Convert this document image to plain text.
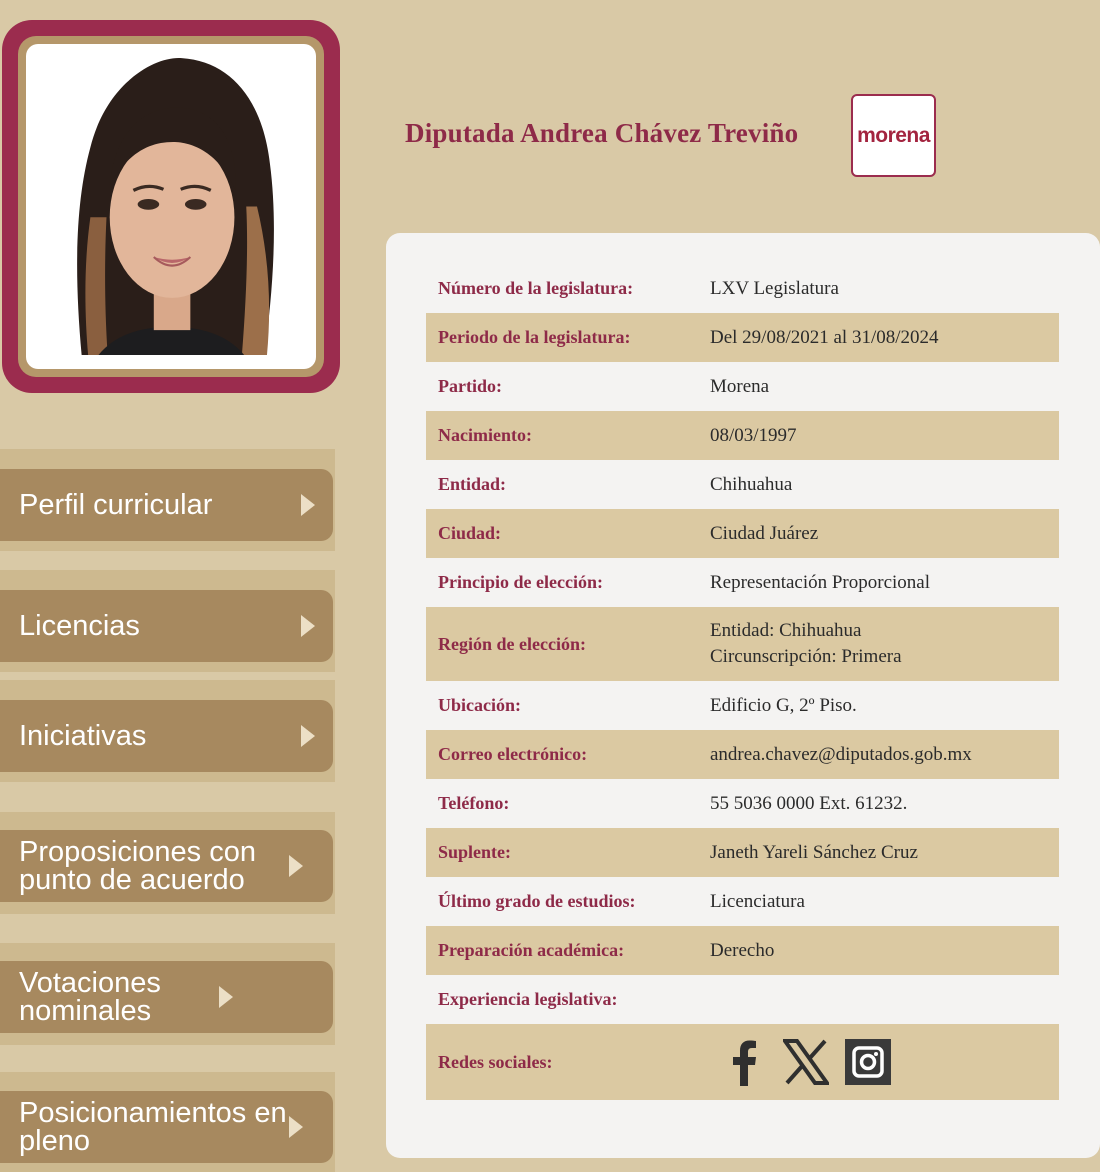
Diputada Andrea Chávez Treviño	morena
Perfil curricular
Licencias
Iniciativas
Proposiciones con punto de acuerdo
Votaciones nominales
Posicionamientos en pleno
Número de la legislatura:	LXV Legislatura
Periodo de la legislatura:	Del 29/08/2021 al 31/08/2024
Partido:	Morena
Nacimiento:	08/03/1997
Entidad:	Chihuahua
Ciudad:	Ciudad Juárez
Principio de elección:	Representación Proporcional
Región de elección:
Entidad: Chihuahua
Circunscripción: Primera
Ubicación:	Edificio G, 2º Piso.
Correo electrónico:	andrea.chavez@diputados.gob.mx
Teléfono:	55 5036 0000 Ext. 61232.
Suplente:	Janeth Yareli Sánchez Cruz
Último grado de estudios:	Licenciatura
Preparación académica:	Derecho
Experiencia legislativa:
Redes sociales:
